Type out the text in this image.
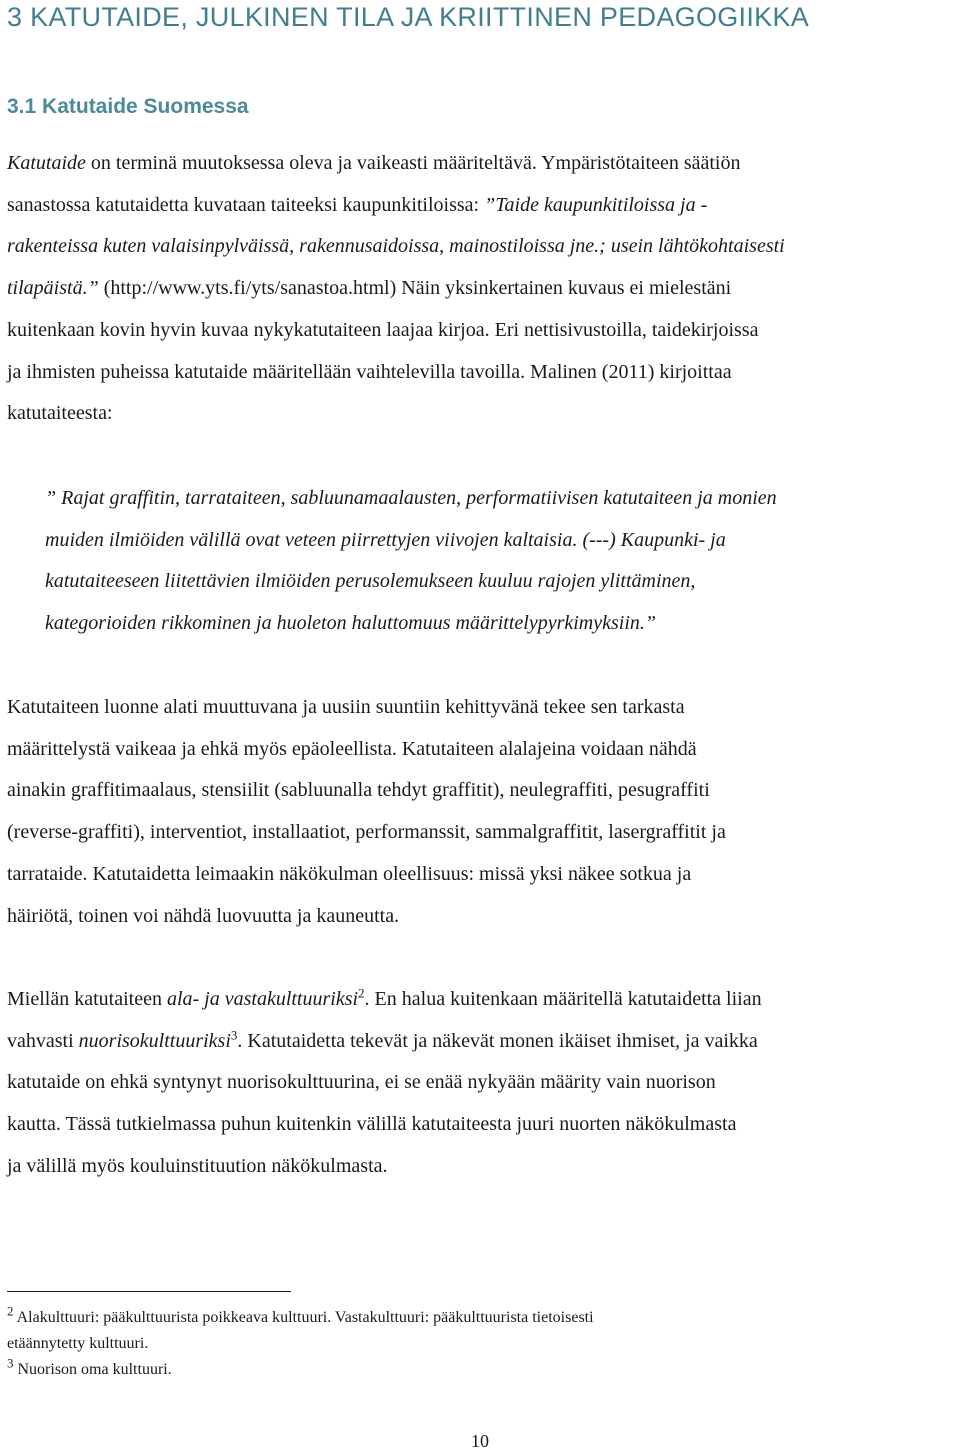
3 KATUTAIDE, JULKINEN TILA JA KRIITTINEN PEDAGOGIIKKA
3.1 Katutaide Suomessa
Katutaide on terminä muutoksessa oleva ja vaikeasti määriteltävä. Ympäristötaiteen säätiön
sanastossa katutaidetta kuvataan taiteeksi kaupunkitiloissa: ”Taide kaupunkitiloissa ja -
rakenteissa kuten valaisinpylväissä, rakennusaidoissa, mainostiloissa jne.; usein lähtökohtaisesti
tilapäistä.” (http://www.yts.fi/yts/sanastoa.html) Näin yksinkertainen kuvaus ei mielestäni
kuitenkaan kovin hyvin kuvaa nykykatutaiteen laajaa kirjoa. Eri nettisivustoilla, taidekirjoissa
ja ihmisten puheissa katutaide määritellään vaihtelevilla tavoilla. Malinen (2011) kirjoittaa
katutaiteesta:
” Rajat graffitin, tarrataiteen, sabluunamaalausten, performatiivisen katutaiteen ja monien
muiden ilmiöiden välillä ovat veteen piirrettyjen viivojen kaltaisia. (---) Kaupunki- ja
katutaiteeseen liitettävien ilmiöiden perusolemukseen kuuluu rajojen ylittäminen,
kategorioiden rikkominen ja huoleton haluttomuus määrittelypyrkimyksiin.”
Katutaiteen luonne alati muuttuvana ja uusiin suuntiin kehittyvänä tekee sen tarkasta
määrittelystä vaikeaa ja ehkä myös epäoleellista. Katutaiteen alalajeina voidaan nähdä
ainakin graffitimaalaus, stensiilit (sabluunalla tehdyt graffitit), neulegraffiti, pesugraffiti
(reverse-graffiti), interventiot, installaatiot, performanssit, sammalgraffitit, lasergraffitit ja
tarrataide. Katutaidetta leimaakin näkökulman oleellisuus: missä yksi näkee sotkua ja
häiriötä, toinen voi nähdä luovuutta ja kauneutta.
Miellän katutaiteen ala- ja vastakulttuuriksi$^2$. En halua kuitenkaan määritellä katutaidetta liian
vahvasti nuorisokulttuuriksi$^3$. Katutaidetta tekevät ja näkevät monen ikäiset ihmiset, ja vaikka
katutaide on ehkä syntynyt nuorisokulttuurina, ei se enää nykyään määrity vain nuorison
kautta. Tässä tutkielmassa puhun kuitenkin välillä katutaiteesta juuri nuorten näkökulmasta
ja välillä myös kouluinstituution näkökulmasta.
$^2$ Alakulttuuri: pääkulttuurista poikkeava kulttuuri. Vastakulttuuri: pääkulttuurista tietoisesti
etäännytetty kulttuuri.
$^3$ Nuorison oma kulttuuri.
10
